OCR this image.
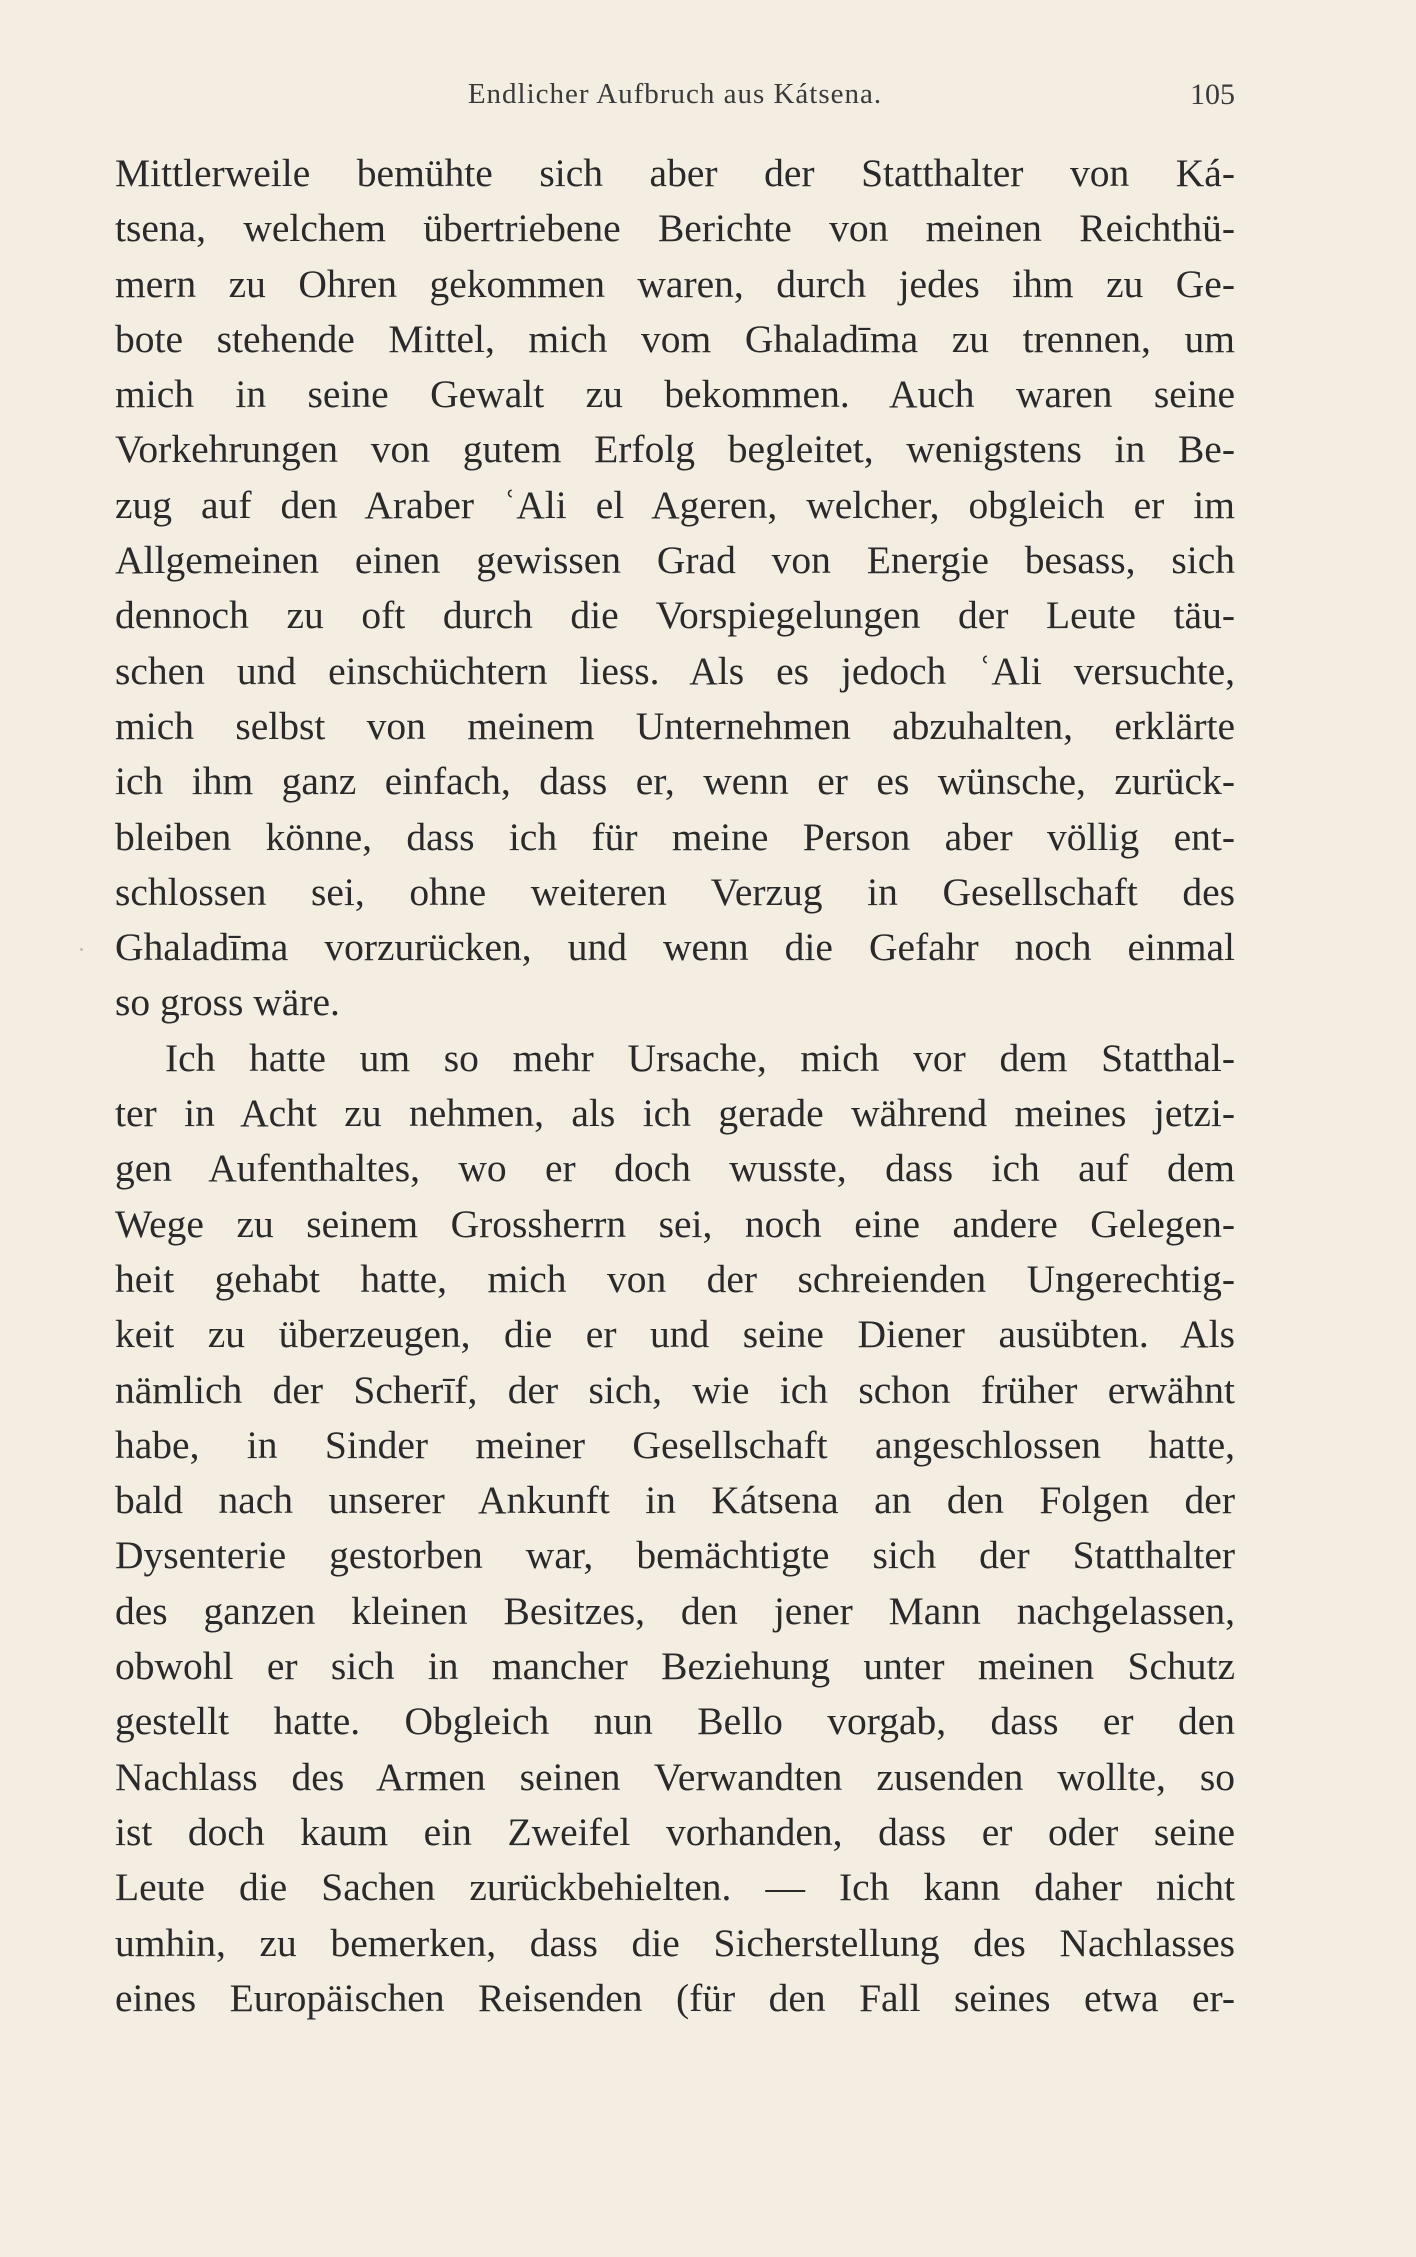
Endlicher Aufbruch aus Kátsena.	105
Mittlerweile bemühte sich aber der Statthalter von Ká-
tsena, welchem übertriebene Berichte von meinen Reichthü-
mern zu Ohren gekommen waren, durch jedes ihm zu Ge-
bote stehende Mittel, mich vom Ghaladīma zu trennen, um
mich in seine Gewalt zu bekommen. Auch waren seine
Vorkehrungen von gutem Erfolg begleitet, wenigstens in Be-
zug auf den Araber ʿAli el Ageren, welcher, obgleich er im
Allgemeinen einen gewissen Grad von Energie besass, sich
dennoch zu oft durch die Vorspiegelungen der Leute täu-
schen und einschüchtern liess. Als es jedoch ʿAli versuchte,
mich selbst von meinem Unternehmen abzuhalten, erklärte
ich ihm ganz einfach, dass er, wenn er es wünsche, zurück-
bleiben könne, dass ich für meine Person aber völlig ent-
schlossen sei, ohne weiteren Verzug in Gesellschaft des
Ghaladīma vorzurücken, und wenn die Gefahr noch einmal
so gross wäre.
Ich hatte um so mehr Ursache, mich vor dem Statthal-
ter in Acht zu nehmen, als ich gerade während meines jetzi-
gen Aufenthaltes, wo er doch wusste, dass ich auf dem
Wege zu seinem Grossherrn sei, noch eine andere Gelegen-
heit gehabt hatte, mich von der schreienden Ungerechtig-
keit zu überzeugen, die er und seine Diener ausübten. Als
nämlich der Scherīf, der sich, wie ich schon früher erwähnt
habe, in Sinder meiner Gesellschaft angeschlossen hatte,
bald nach unserer Ankunft in Kátsena an den Folgen der
Dysenterie gestorben war, bemächtigte sich der Statthalter
des ganzen kleinen Besitzes, den jener Mann nachgelassen,
obwohl er sich in mancher Beziehung unter meinen Schutz
gestellt hatte. Obgleich nun Bello vorgab, dass er den
Nachlass des Armen seinen Verwandten zusenden wollte, so
ist doch kaum ein Zweifel vorhanden, dass er oder seine
Leute die Sachen zurückbehielten. — Ich kann daher nicht
umhin, zu bemerken, dass die Sicherstellung des Nachlasses
eines Europäischen Reisenden (für den Fall seines etwa er-
